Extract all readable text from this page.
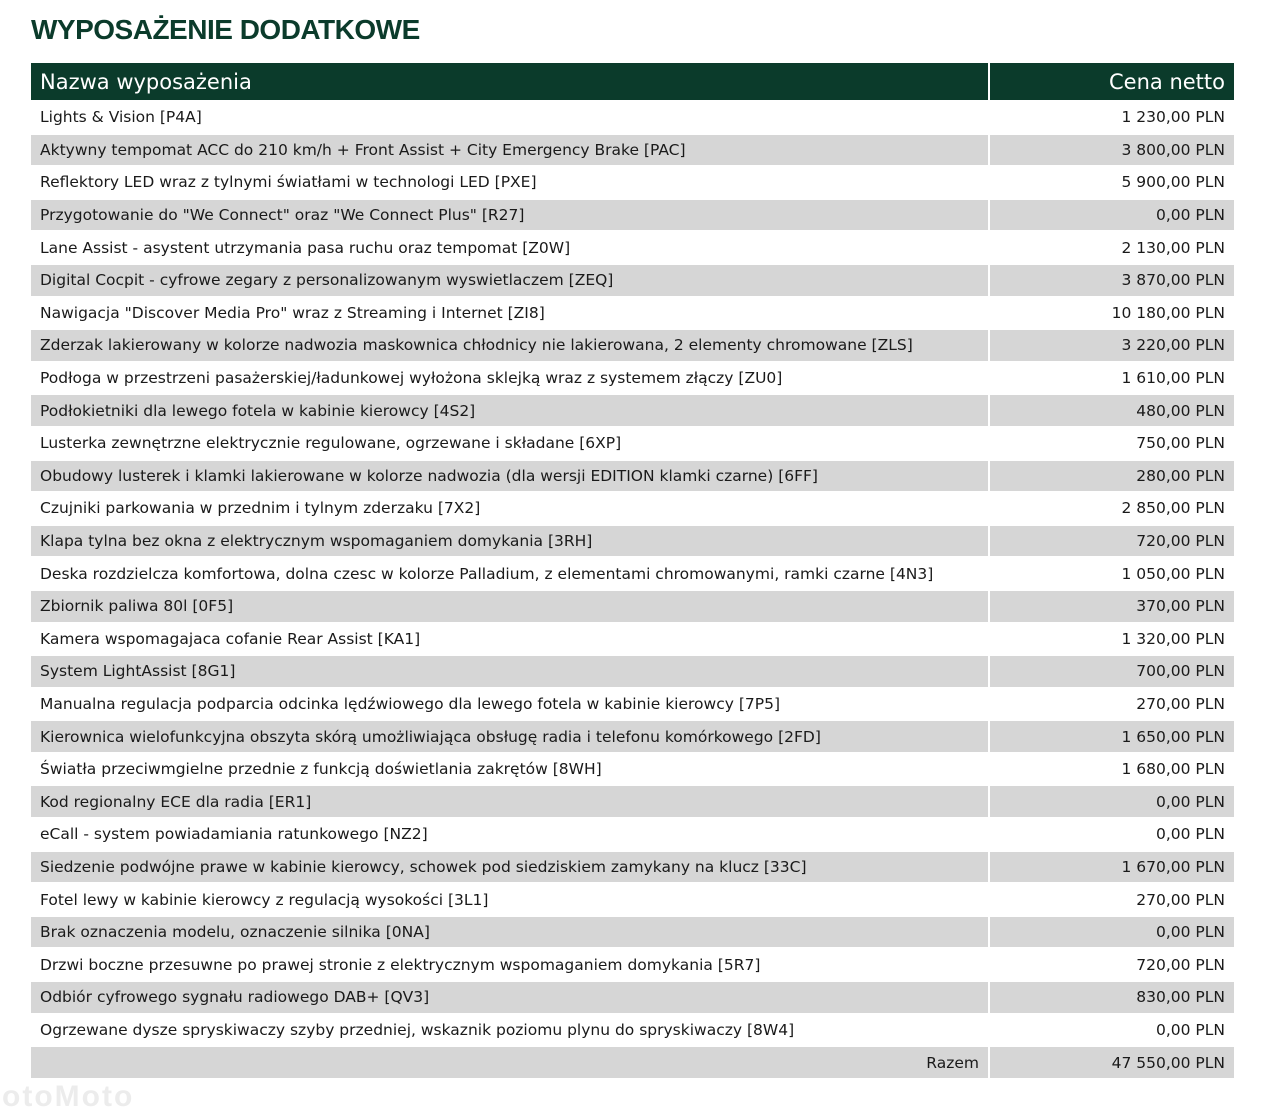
WYPOSAŻENIE DODATKOWE
Nazwa wyposażenia	Cena netto
Lights & Vision [P4A]	1 230,00 PLN
Aktywny tempomat ACC do 210 km/h + Front Assist + City Emergency Brake [PAC]	3 800,00 PLN
Reflektory LED wraz z tylnymi światłami w technologi LED [PXE]	5 900,00 PLN
Przygotowanie do "We Connect" oraz "We Connect Plus" [R27]	0,00 PLN
Lane Assist - asystent utrzymania pasa ruchu oraz tempomat [Z0W]	2 130,00 PLN
Digital Cocpit - cyfrowe zegary z personalizowanym wyswietlaczem [ZEQ]	3 870,00 PLN
Nawigacja "Discover Media Pro" wraz z Streaming i Internet [ZI8]	10 180,00 PLN
Zderzak lakierowany w kolorze nadwozia maskownica chłodnicy nie lakierowana, 2 elementy chromowane [ZLS]	3 220,00 PLN
Podłoga w przestrzeni pasażerskiej/ładunkowej wyłożona sklejką wraz z systemem złączy [ZU0]	1 610,00 PLN
Podłokietniki dla lewego fotela w kabinie kierowcy [4S2]	480,00 PLN
Lusterka zewnętrzne elektrycznie regulowane, ogrzewane i składane [6XP]	750,00 PLN
Obudowy lusterek i klamki lakierowane w kolorze nadwozia (dla wersji EDITION klamki czarne) [6FF]	280,00 PLN
Czujniki parkowania w przednim i tylnym zderzaku [7X2]	2 850,00 PLN
Klapa tylna bez okna z elektrycznym wspomaganiem domykania [3RH]	720,00 PLN
Deska rozdzielcza komfortowa, dolna czesc w kolorze Palladium, z elementami chromowanymi, ramki czarne [4N3]	1 050,00 PLN
Zbiornik paliwa 80l [0F5]	370,00 PLN
Kamera wspomagajaca cofanie Rear Assist [KA1]	1 320,00 PLN
System LightAssist [8G1]	700,00 PLN
Manualna regulacja podparcia odcinka lędźwiowego dla lewego fotela w kabinie kierowcy [7P5]	270,00 PLN
Kierownica wielofunkcyjna obszyta skórą umożliwiająca obsługę radia i telefonu komórkowego [2FD]	1 650,00 PLN
Światła przeciwmgielne przednie z funkcją doświetlania zakrętów [8WH]	1 680,00 PLN
Kod regionalny ECE dla radia [ER1]	0,00 PLN
eCall - system powiadamiania ratunkowego [NZ2]	0,00 PLN
Siedzenie podwójne prawe w kabinie kierowcy, schowek pod siedziskiem zamykany na klucz [33C]	1 670,00 PLN
Fotel lewy w kabinie kierowcy z regulacją wysokości [3L1]	270,00 PLN
Brak oznaczenia modelu, oznaczenie silnika [0NA]	0,00 PLN
Drzwi boczne przesuwne po prawej stronie z elektrycznym wspomaganiem domykania [5R7]	720,00 PLN
Odbiór cyfrowego sygnału radiowego DAB+ [QV3]	830,00 PLN
Ogrzewane dysze spryskiwaczy szyby przedniej, wskaznik poziomu plynu do spryskiwaczy [8W4]	0,00 PLN
Razem	47 550,00 PLN
otoMoto
